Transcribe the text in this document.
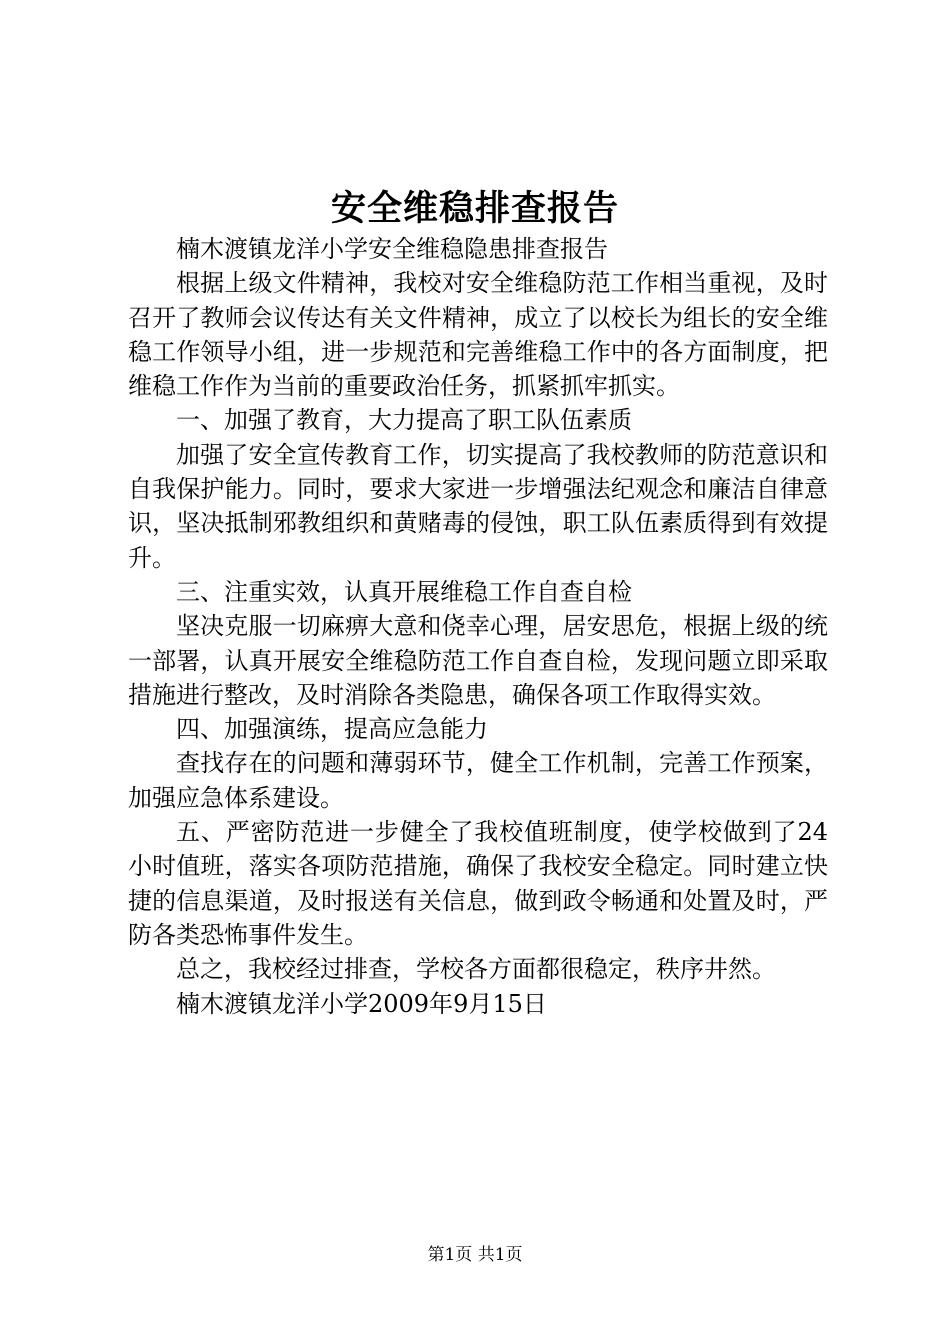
安全维稳排查报告

楠木渡镇龙洋小学安全维稳隐患排查报告

根据上级文件精神，我校对安全维稳防范工作相当重视，及时召开了教师会议传达有关文件精神，成立了以校长为组长的安全维稳工作领导小组，进一步规范和完善维稳工作中的各方面制度，把维稳工作作为当前的重要政治任务，抓紧抓牢抓实。

一、加强了教育，大力提高了职工队伍素质

加强了安全宣传教育工作，切实提高了我校教师的防范意识和自我保护能力。同时，要求大家进一步增强法纪观念和廉洁自律意识，坚决抵制邪教组织和黄赌毒的侵蚀，职工队伍素质得到有效提升。

三、注重实效，认真开展维稳工作自查自检

坚决克服一切麻痹大意和侥幸心理，居安思危，根据上级的统一部署，认真开展安全维稳防范工作自查自检，发现问题立即采取措施进行整改，及时消除各类隐患，确保各项工作取得实效。

四、加强演练，提高应急能力

查找存在的问题和薄弱环节，健全工作机制，完善工作预案，加强应急体系建设。

五、严密防范进一步健全了我校值班制度，使学校做到了24小时值班，落实各项防范措施，确保了我校安全稳定。同时建立快捷的信息渠道，及时报送有关信息，做到政令畅通和处置及时，严防各类恐怖事件发生。

总之，我校经过排查，学校各方面都很稳定，秩序井然。

楠木渡镇龙洋小学2009年9月15日

第1页 共1页
